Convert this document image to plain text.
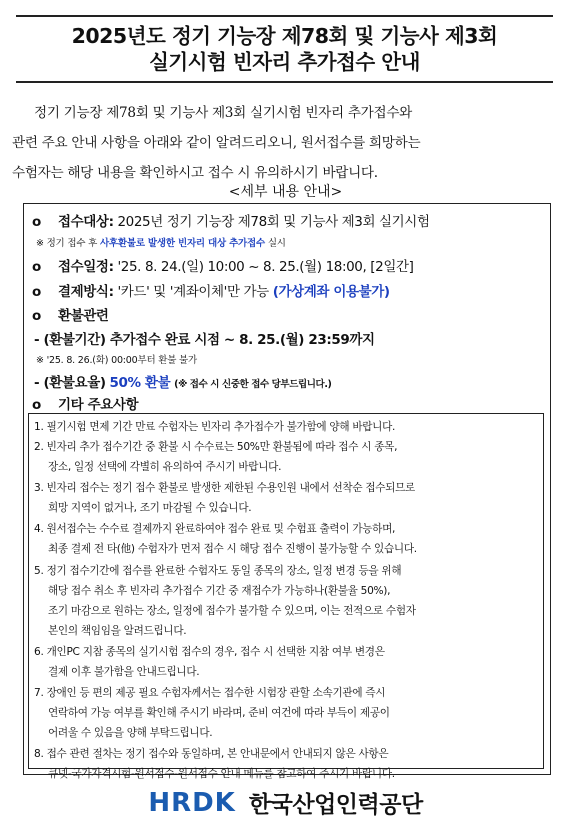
2025년도 정기 기능장 제78회 및 기능사 제3회
실기시험 빈자리 추가접수 안내

정기 기능장 제78회 및 기능사 제3회 실기시험 빈자리 추가접수와

관련 주요 안내 사항을 아래와 같이 알려드리오니, 원서접수를 희망하는

수험자는 해당 내용을 확인하시고 접수 시 유의하시기 바랍니다.

<세부 내용 안내>
o 접수대상: 2025년 정기 기능장 제78회 및 기능사 제3회 실기시험
※ 정기 접수 후 사후환불로 발생한 빈자리 대상 추가접수 실시
o 접수일정: '25. 8. 24.(일) 10:00 ~ 8. 25.(월) 18:00, [2일간]
o 결제방식: '카드' 및 '계좌이체'만 가능 (가상계좌 이용불가)
o 환불관련
- (환불기간) 추가접수 완료 시점 ~ 8. 25.(월) 23:59까지
※ '25. 8. 26.(화) 00:00부터 환불 불가
- (환불요율) 50% 환불 (※ 접수 시 신중한 접수 당부드립니다.)
o 기타 주요사항
1. 필기시험 면제 기간 만료 수험자는 빈자리 추가접수가 불가함에 양해 바랍니다.
2. 빈자리 추가 접수기간 중 환불 시 수수료는 50%만 환불됨에 따라 접수 시 종목,
장소, 일정 선택에 각별히 유의하여 주시기 바랍니다.
3. 빈자리 접수는 정기 접수 환불로 발생한 제한된 수용인원 내에서 선착순 접수되므로
희망 지역이 없거나, 조기 마감될 수 있습니다.
4. 원서접수는 수수료 결제까지 완료하여야 접수 완료 및 수험표 출력이 가능하며,
최종 결제 전 타(他) 수험자가 먼저 접수 시 해당 접수 진행이 불가능할 수 있습니다.
5. 정기 접수기간에 접수를 완료한 수험자도 동일 종목의 장소, 일정 변경 등을 위해
해당 접수 취소 후 빈자리 추가접수 기간 중 재접수가 가능하나(환불율 50%),
조기 마감으로 원하는 장소, 일정에 접수가 불가할 수 있으며, 이는 전적으로 수험자
본인의 책임임을 알려드립니다.
6. 개인PC 지참 종목의 실기시험 접수의 경우, 접수 시 선택한 지참 여부 변경은
결제 이후 불가함을 안내드립니다.
7. 장애인 등 편의 제공 필요 수험자께서는 접수한 시험장 관할 소속기관에 즉시
연락하여 가능 여부를 확인해 주시기 바라며, 준비 여건에 따라 부득이 제공이
어려울 수 있음을 양해 부탁드립니다.
8. 접수 관련 절차는 정기 접수와 동일하며, 본 안내문에서 안내되지 않은 사항은
큐넷-국가자격시험-원서접수-원서접수 안내 메뉴를 참고하여 주시기 바랍니다.
HRDK 한국산업인력공단
